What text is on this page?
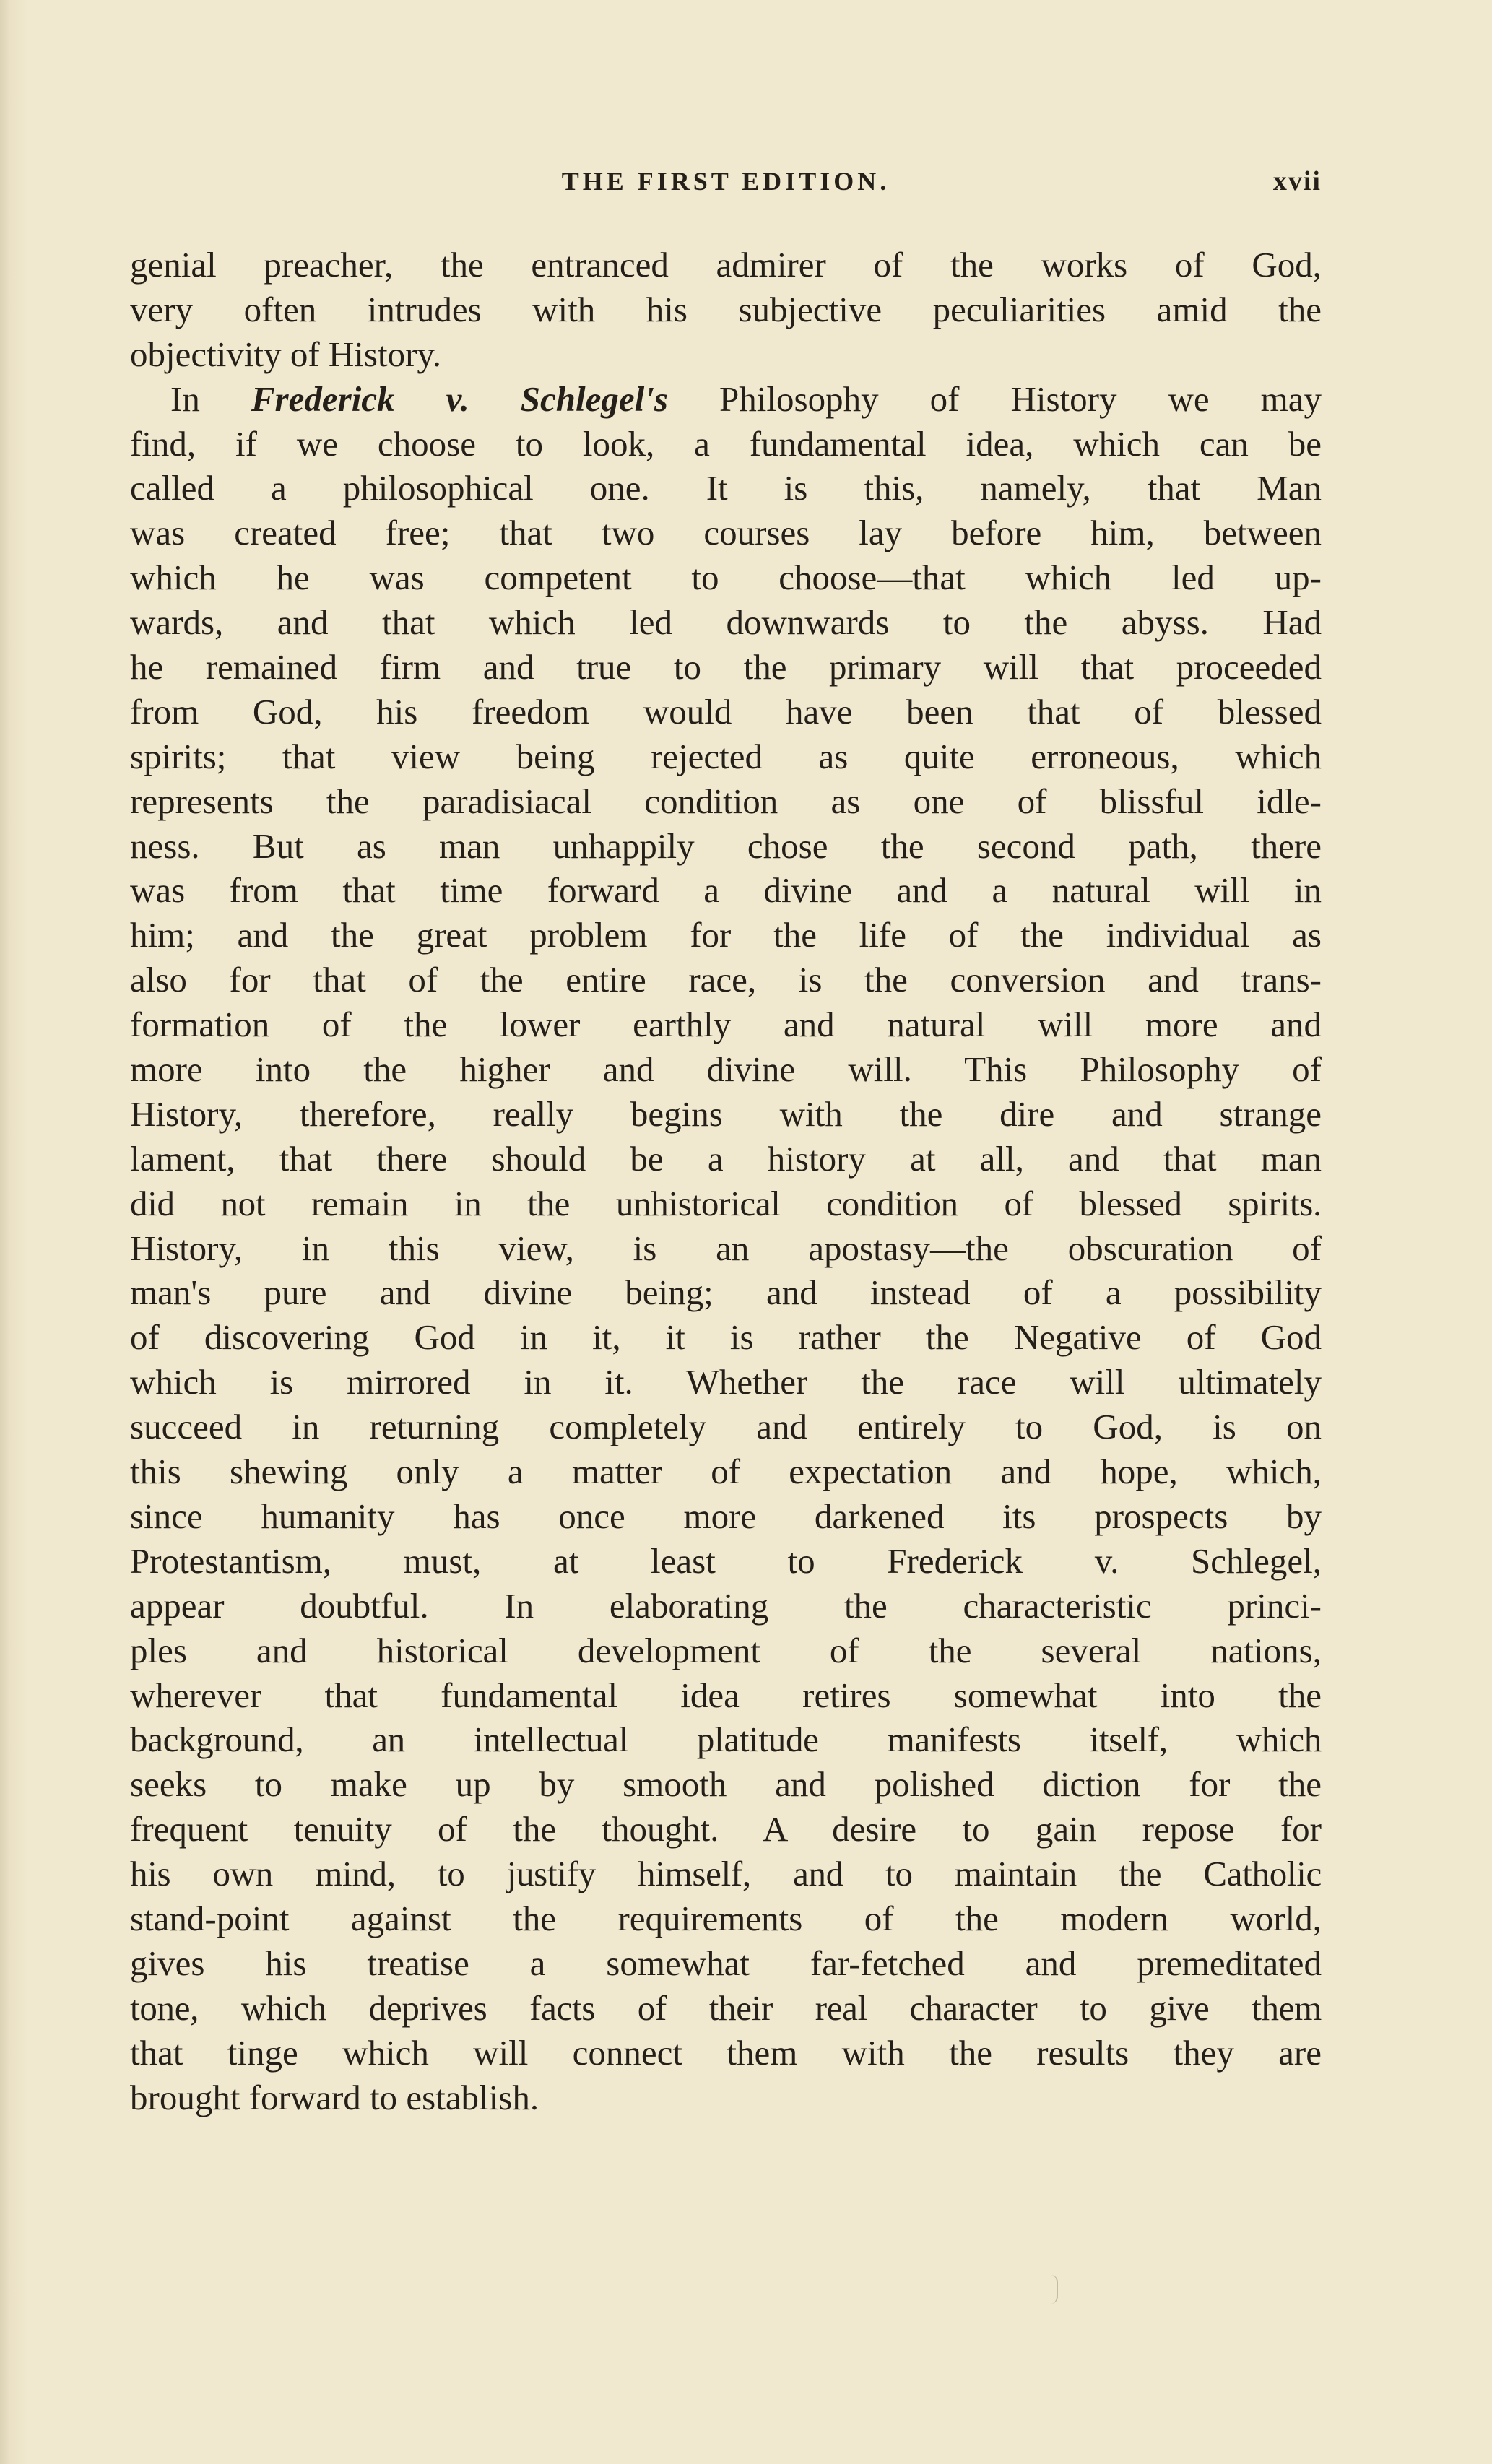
THE FIRST EDITION.	xvii
genial preacher, the entranced admirer of the works of God,
very often intrudes with his subjective peculiarities amid the
objectivity of History.
In Frederick v. Schlegel's Philosophy of History we may
find, if we choose to look, a fundamental idea, which can be
called a philosophical one. It is this, namely, that Man
was created free; that two courses lay before him, between
which he was competent to choose—that which led up-
wards, and that which led downwards to the abyss. Had
he remained firm and true to the primary will that proceeded
from God, his freedom would have been that of blessed
spirits; that view being rejected as quite erroneous, which
represents the paradisiacal condition as one of blissful idle-
ness. But as man unhappily chose the second path, there
was from that time forward a divine and a natural will in
him; and the great problem for the life of the individual as
also for that of the entire race, is the conversion and trans-
formation of the lower earthly and natural will more and
more into the higher and divine will. This Philosophy of
History, therefore, really begins with the dire and strange
lament, that there should be a history at all, and that man
did not remain in the unhistorical condition of blessed spirits.
History, in this view, is an apostasy—the obscuration of
man's pure and divine being; and instead of a possibility
of discovering God in it, it is rather the Negative of God
which is mirrored in it. Whether the race will ultimately
succeed in returning completely and entirely to God, is on
this shewing only a matter of expectation and hope, which,
since humanity has once more darkened its prospects by
Protestantism, must, at least to Frederick v. Schlegel,
appear doubtful. In elaborating the characteristic princi-
ples and historical development of the several nations,
wherever that fundamental idea retires somewhat into the
background, an intellectual platitude manifests itself, which
seeks to make up by smooth and polished diction for the
frequent tenuity of the thought. A desire to gain repose for
his own mind, to justify himself, and to maintain the Catholic
stand-point against the requirements of the modern world,
gives his treatise a somewhat far-fetched and premeditated
tone, which deprives facts of their real character to give them
that tinge which will connect them with the results they are
brought forward to establish.
